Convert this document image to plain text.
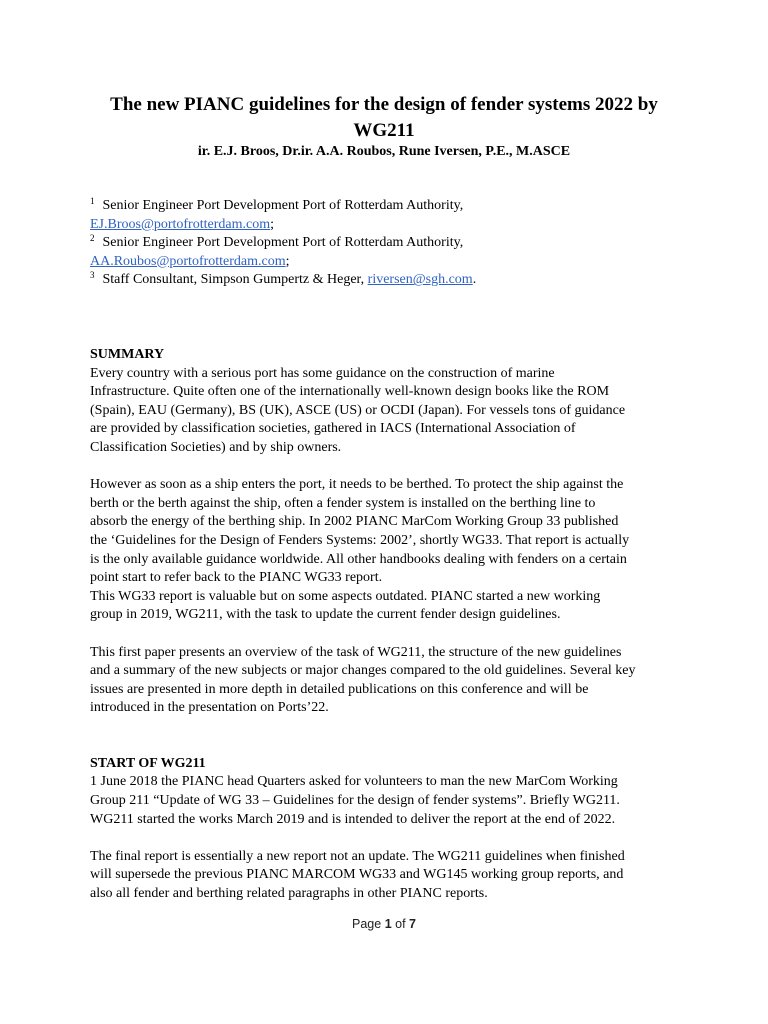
The new PIANC guidelines for the design of fender systems 2022 by
WG211
ir. E.J. Broos, Dr.ir. A.A. Roubos, Rune Iversen, P.E., M.ASCE
$^1$ Senior Engineer Port Development Port of Rotterdam Authority,
EJ.Broos@portofrotterdam.com;
$^2$ Senior Engineer Port Development Port of Rotterdam Authority,
AA.Roubos@portofrotterdam.com;
$^3$ Staff Consultant, Simpson Gumpertz & Heger, riversen@sgh.com.

SUMMARY

Every country with a serious port has some guidance on the construction of marine

Infrastructure. Quite often one of the internationally well-known design books like the ROM

(Spain), EAU (Germany), BS (UK), ASCE (US) or OCDI (Japan). For vessels tons of guidance

are provided by classification societies, gathered in IACS (International Association of

Classification Societies) and by ship owners.

However as soon as a ship enters the port, it needs to be berthed. To protect the ship against the

berth or the berth against the ship, often a fender system is installed on the berthing line to

absorb the energy of the berthing ship. In 2002 PIANC MarCom Working Group 33 published

the ‘Guidelines for the Design of Fenders Systems: 2002’, shortly WG33. That report is actually

is the only available guidance worldwide. All other handbooks dealing with fenders on a certain

point start to refer back to the PIANC WG33 report.

This WG33 report is valuable but on some aspects outdated. PIANC started a new working

group in 2019, WG211, with the task to update the current fender design guidelines.

This first paper presents an overview of the task of WG211, the structure of the new guidelines

and a summary of the new subjects or major changes compared to the old guidelines. Several key

issues are presented in more depth in detailed publications on this conference and will be

introduced in the presentation on Ports’22.

START OF WG211

1 June 2018 the PIANC head Quarters asked for volunteers to man the new MarCom Working

Group 211 “Update of WG 33 – Guidelines for the design of fender systems”. Briefly WG211.

WG211 started the works March 2019 and is intended to deliver the report at the end of 2022.

The final report is essentially a new report not an update. The WG211 guidelines when finished

will supersede the previous PIANC MARCOM WG33 and WG145 working group reports, and

also all fender and berthing related paragraphs in other PIANC reports.

Page 1 of 7
